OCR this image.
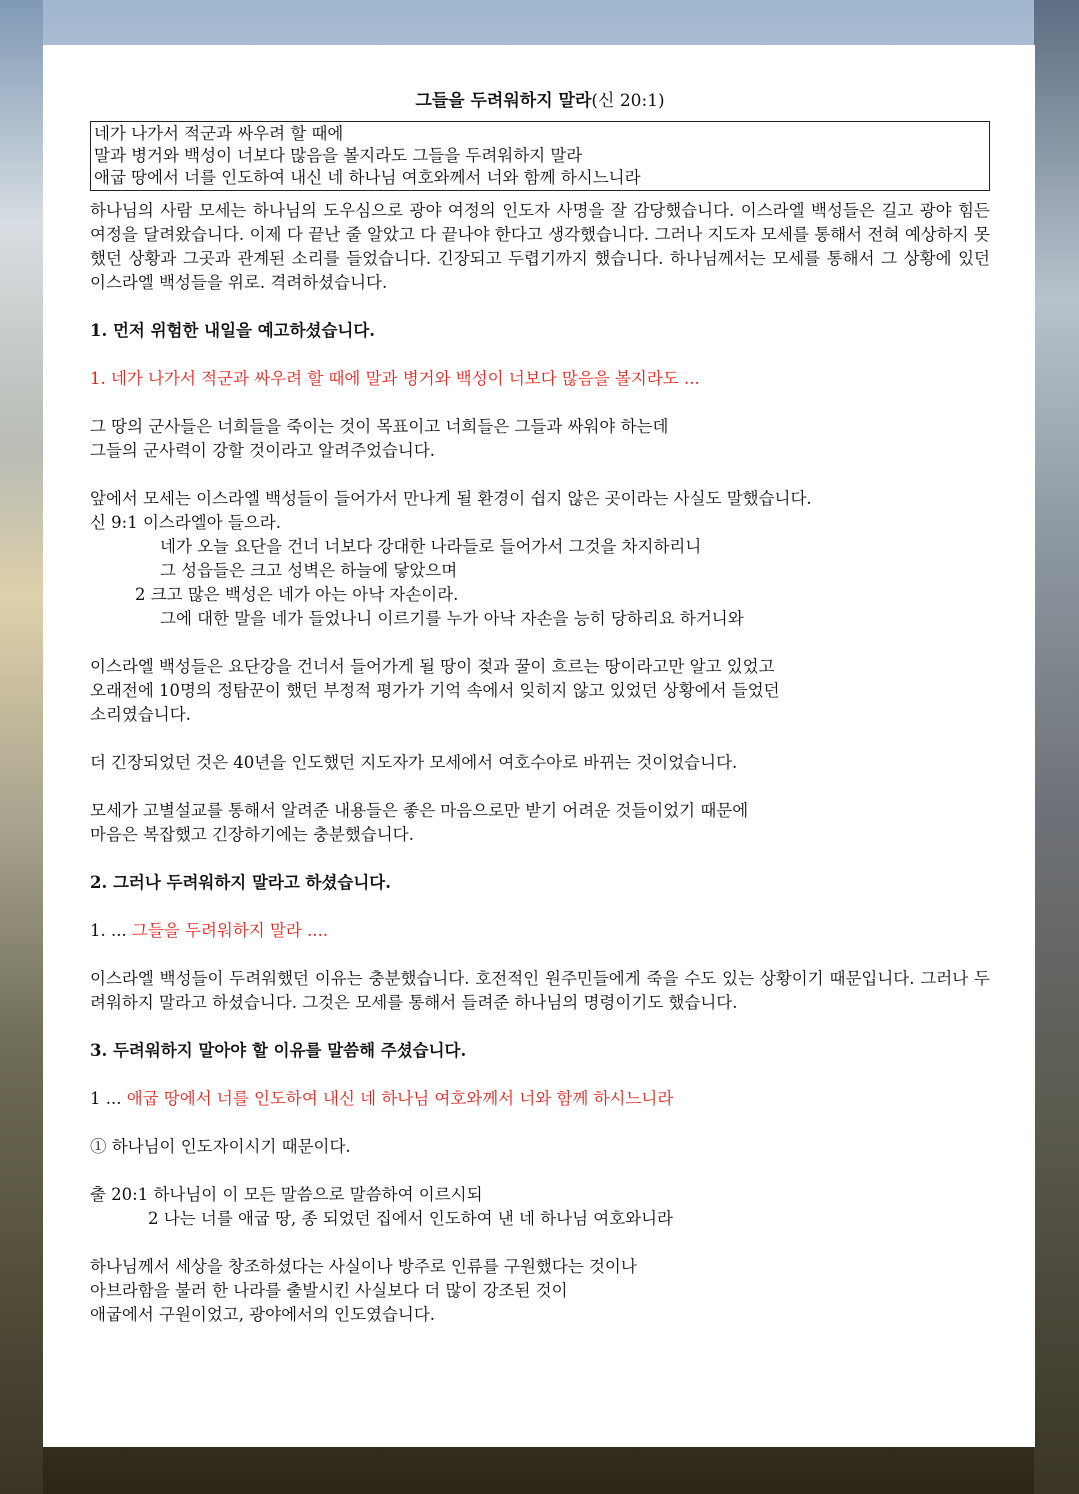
그들을 두려워하지 말라(신 20:1)
네가 나가서 적군과 싸우려 할 때에
말과 병거와 백성이 너보다 많음을 볼지라도 그들을 두려워하지 말라
애굽 땅에서 너를 인도하여 내신 네 하나님 여호와께서 너와 함께 하시느니라

하나님의 사람 모세는 하나님의 도우심으로 광야 여정의 인도자 사명을 잘 감당했습니다. 이스라엘 백성들은 길고 광야 힘든 여정을 달려왔습니다. 이제 다 끝난 줄 알았고 다 끝나야 한다고 생각했습니다. 그러나 지도자 모세를 통해서 전혀 예상하지 못했던 상황과 그곳과 관계된 소리를 들었습니다. 긴장되고 두렵기까지 했습니다. 하나님께서는 모세를 통해서 그 상황에 있던 이스라엘 백성들을 위로. 격려하셨습니다.

1. 먼저 위험한 내일을 예고하셨습니다.

1. 네가 나가서 적군과 싸우려 할 때에 말과 병거와 백성이 너보다 많음을 볼지라도 ...

그 땅의 군사들은 너희들을 죽이는 것이 목표이고 너희들은 그들과 싸워야 하는데

그들의 군사력이 강할 것이라고 알려주었습니다.

앞에서 모세는 이스라엘 백성들이 들어가서 만나게 될 환경이 쉽지 않은 곳이라는 사실도 말했습니다.

신 9:1 이스라엘아 들으라.

네가 오늘 요단을 건너 너보다 강대한 나라들로 들어가서 그것을 차지하리니

그 성읍들은 크고 성벽은 하늘에 닿았으며

2 크고 많은 백성은 네가 아는 아낙 자손이라.

그에 대한 말을 네가 들었나니 이르기를 누가 아낙 자손을 능히 당하리요 하거니와

이스라엘 백성들은 요단강을 건너서 들어가게 될 땅이 젖과 꿀이 흐르는 땅이라고만 알고 있었고

오래전에 10명의 정탐꾼이 했던 부정적 평가가 기억 속에서 잊히지 않고 있었던 상황에서 들었던

소리였습니다.

더 긴장되었던 것은 40년을 인도했던 지도자가 모세에서 여호수아로 바뀌는 것이었습니다.

모세가 고별설교를 통해서 알려준 내용들은 좋은 마음으로만 받기 어려운 것들이었기 때문에

마음은 복잡했고 긴장하기에는 충분했습니다.

2. 그러나 두려워하지 말라고 하셨습니다.

1. ... 그들을 두려워하지 말라 ....

이스라엘 백성들이 두려워했던 이유는 충분했습니다. 호전적인 원주민들에게 죽을 수도 있는 상황이기 때문입니다. 그러나 두려워하지 말라고 하셨습니다. 그것은 모세를 통해서 들려준 하나님의 명령이기도 했습니다.

3. 두려워하지 말아야 할 이유를 말씀해 주셨습니다.

1 ... 애굽 땅에서 너를 인도하여 내신 네 하나님 여호와께서 너와 함께 하시느니라

① 하나님이 인도자이시기 때문이다.

출 20:1 하나님이 이 모든 말씀으로 말씀하여 이르시되

2 나는 너를 애굽 땅, 종 되었던 집에서 인도하여 낸 네 하나님 여호와니라

하나님께서 세상을 창조하셨다는 사실이나 방주로 인류를 구원했다는 것이나

아브라함을 불러 한 나라를 출발시킨 사실보다 더 많이 강조된 것이

애굽에서 구원이었고, 광야에서의 인도였습니다.
